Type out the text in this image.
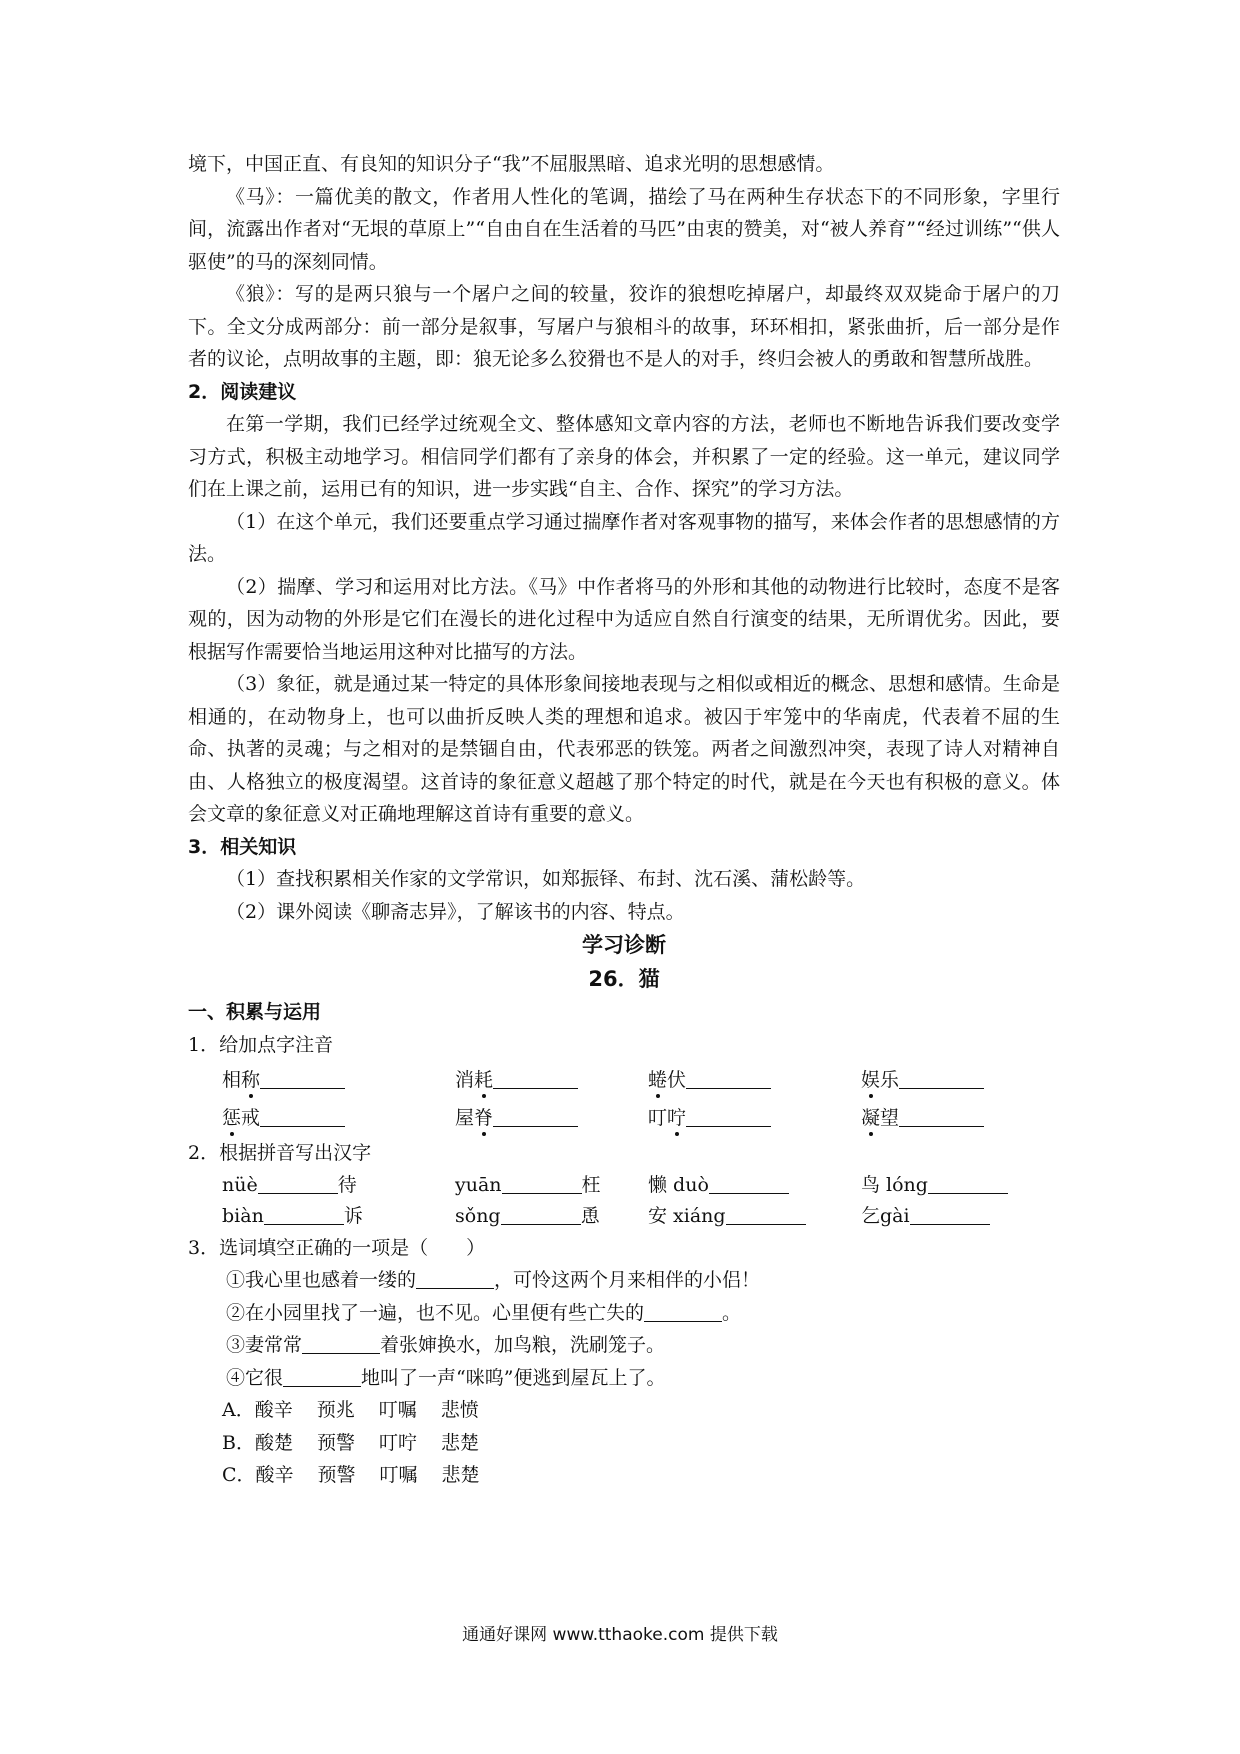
境下，中国正直、有良知的知识分子“我”不屈服黑暗、追求光明的思想感情。

《马》：一篇优美的散文，作者用人性化的笔调，描绘了马在两种生存状态下的不同形象，字里行间，流露出作者对“无垠的草原上”“自由自在生活着的马匹”由衷的赞美，对“被人养育”“经过训练”“供人驱使”的马的深刻同情。

《狼》：写的是两只狼与一个屠户之间的较量，狡诈的狼想吃掉屠户，却最终双双毙命于屠户的刀下。全文分成两部分：前一部分是叙事，写屠户与狼相斗的故事，环环相扣，紧张曲折，后一部分是作者的议论，点明故事的主题，即：狼无论多么狡猾也不是人的对手，终归会被人的勇敢和智慧所战胜。

2．阅读建议

在第一学期，我们已经学过统观全文、整体感知文章内容的方法，老师也不断地告诉我们要改变学习方式，积极主动地学习。相信同学们都有了亲身的体会，并积累了一定的经验。这一单元，建议同学们在上课之前，运用已有的知识，进一步实践“自主、合作、探究”的学习方法。

（1）在这个单元，我们还要重点学习通过揣摩作者对客观事物的描写，来体会作者的思想感情的方法。

（2）揣摩、学习和运用对比方法。《马》中作者将马的外形和其他的动物进行比较时，态度不是客观的，因为动物的外形是它们在漫长的进化过程中为适应自然自行演变的结果，无所谓优劣。因此，要根据写作需要恰当地运用这种对比描写的方法。

（3）象征，就是通过某一特定的具体形象间接地表现与之相似或相近的概念、思想和感情。生命是相通的，在动物身上，也可以曲折反映人类的理想和追求。被囚于牢笼中的华南虎，代表着不屈的生命、执著的灵魂；与之相对的是禁锢自由，代表邪恶的铁笼。两者之间激烈冲突，表现了诗人对精神自由、人格独立的极度渴望。这首诗的象征意义超越了那个特定的时代，就是在今天也有积极的意义。体会文章的象征意义对正确地理解这首诗有重要的意义。

3．相关知识

（1）查找积累相关作家的文学常识，如郑振铎、布封、沈石溪、蒲松龄等。

（2）课外阅读《聊斋志异》，了解该书的内容、特点。

学习诊断
26．猫
一、积累与运用

1．给加点字注音

相称	消耗	蜷伏	娱乐
惩戒	屋脊	叮咛	凝望

2．根据拼音写出汉字

nüè	待	yuān	枉	懒 duò	鸟 lóng
biàn	诉	sǒng	恿	安 xiáng	乞gài

3．选词填空正确的一项是（　　）

①我心里也感着一缕的	，可怜这两个月来相伴的小侣！

②在小园里找了一遍，也不见。心里便有些亡失的	。

③妻常常	着张婶换水，加鸟粮，洗刷笼子。

④它很	地叫了一声“咪呜”便逃到屋瓦上了。

A．酸辛 预兆 叮嘱 悲愤
B．酸楚 预警 叮咛 悲楚
C．酸辛 预警 叮嘱 悲楚
通通好课网 www.tthaoke.com 提供下载
